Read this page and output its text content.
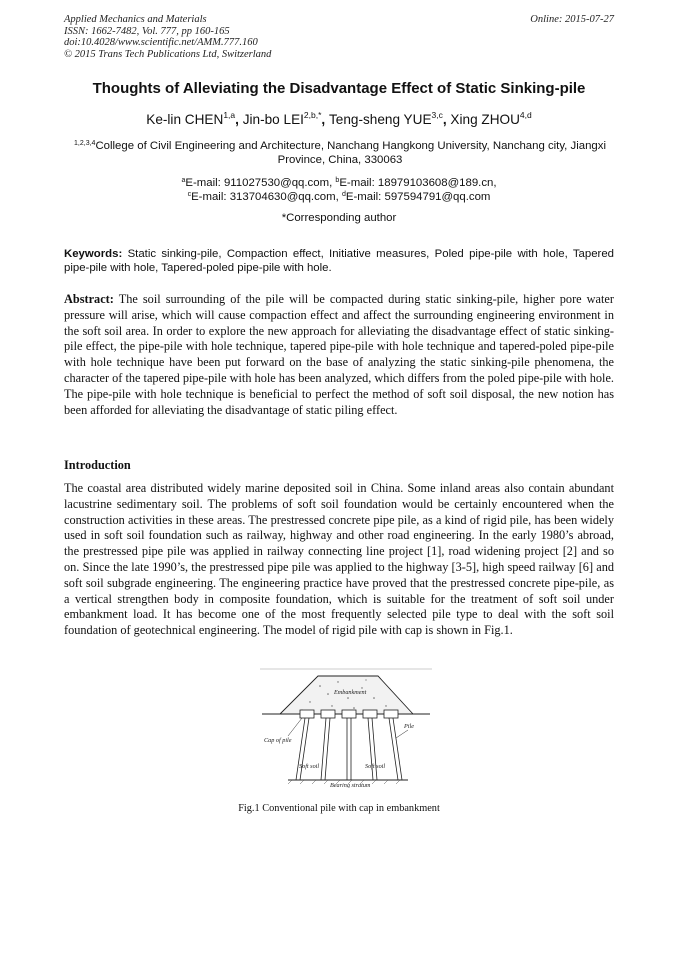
Applied Mechanics and Materials
ISSN: 1662-7482, Vol. 777, pp 160-165
doi:10.4028/www.scientific.net/AMM.777.160
© 2015 Trans Tech Publications Ltd, Switzerland
Online: 2015-07-27
Thoughts of Alleviating the Disadvantage Effect of Static Sinking-pile
Ke-lin CHEN$^{1,a}$, Jin-bo $LEI^{2,b,*}$, Teng-sheng YUE$^{3,c}$, Xing ZHOU$^{4,d}$
$^{1,2,3,4}$College of Civil Engineering and Architecture, Nanchang Hangkong University, Nanchang city, Jiangxi Province, China, 330063
$^a$E-mail: 911027530@qq.com, $^b$E-mail: 18979103608@189.cn,
$^c$E-mail: 313704630@qq.com, $^d$E-mail: 597594791@qq.com
*Corresponding author
Keywords: Static sinking-pile, Compaction effect, Initiative measures, Poled pipe-pile with hole, Tapered pipe-pile with hole, Tapered-poled pipe-pile with hole.
Abstract: The soil surrounding of the pile will be compacted during static sinking-pile, higher pore water pressure will arise, which will cause compaction effect and affect the surrounding engineering environment in the soft soil area. In order to explore the new approach for alleviating the disadvantage effect of static sinking-pile effect, the pipe-pile with hole technique, tapered pipe-pile with hole technique and tapered-poled pipe-pile with hole technique have been put forward on the base of analyzing the static sinking-pile phenomena, the character of the tapered pipe-pile with hole has been analyzed, which differs from the poled pipe-pile with hole. The pipe-pile with hole technique is beneficial to perfect the method of soft soil disposal, the new notion has been afforded for alleviating the disadvantage of static piling effect.
Introduction
The coastal area distributed widely marine deposited soil in China. Some inland areas also contain abundant lacustrine sedimentary soil. The problems of soft soil foundation would be certainly encountered when the construction activities in these areas. The prestressed concrete pipe pile, as a kind of rigid pile, has been widely used in soft soil foundation such as railway, highway and other road engineering. In the early 1980’s abroad, the prestressed pipe pile was applied in railway connecting line project [1], road widening project [2] and so on. Since the late 1990’s, the prestressed pipe pile was applied to the highway [3-5], high speed railway [6] and soft soil subgrade engineering. The engineering practice have proved that the prestressed concrete pipe-pile, as a vertical strengthen body in composite foundation, which is suitable for the treatment of soft soil under embankment load. It has become one of the most frequently selected pile type to deal with the soft soil foundation of geotechnical engineering. The model of rigid pile with cap is shown in Fig.1.
Embankment
Cap of pile
Pile
Soft soil	Soft soil
Bearing stratum
Fig.1 Conventional pile with cap in embankment
